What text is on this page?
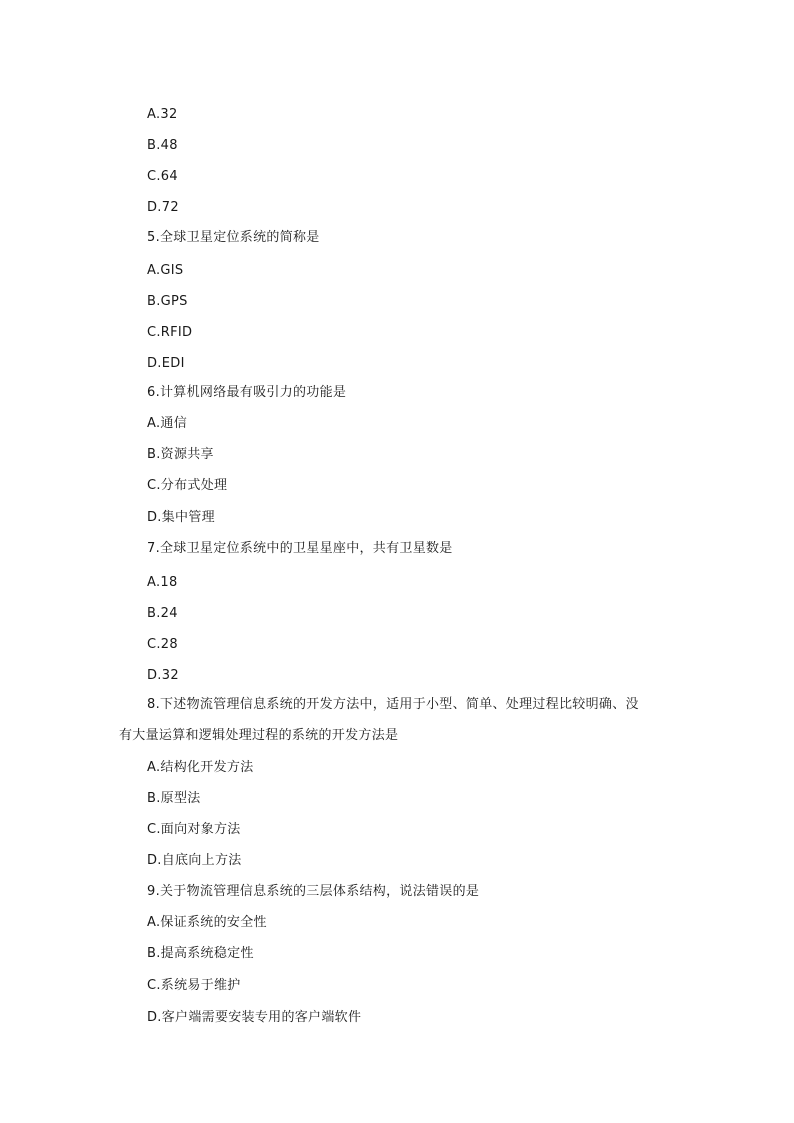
A.32
B.48
C.64
D.72
5.全球卫星定位系统的简称是
A.GIS
B.GPS
C.RFID
D.EDI
6.计算机网络最有吸引力的功能是
A.通信
B.资源共享
C.分布式处理
D.集中管理
7.全球卫星定位系统中的卫星星座中，共有卫星数是
A.18
B.24
C.28
D.32
8.下述物流管理信息系统的开发方法中，适用于小型、简单、处理过程比较明确、没
有大量运算和逻辑处理过程的系统的开发方法是
A.结构化开发方法
B.原型法
C.面向对象方法
D.自底向上方法
9.关于物流管理信息系统的三层体系结构，说法错误的是
A.保证系统的安全性
B.提高系统稳定性
C.系统易于维护
D.客户端需要安装专用的客户端软件
